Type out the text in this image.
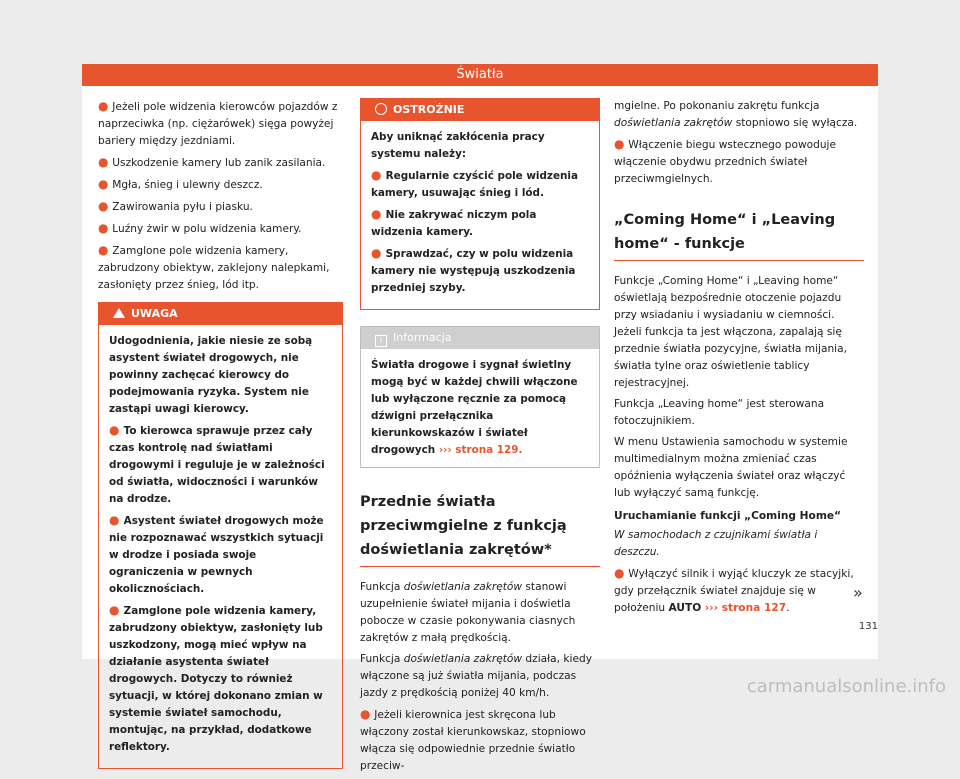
Światła
● Jeżeli pole widzenia kierowców pojazdów z naprzeciwka (np. ciężarówek) sięga powyżej bariery między jezdniami.
● Uszkodzenie kamery lub zanik zasilania.
● Mgła, śnieg i ulewny deszcz.
● Zawirowania pyłu i piasku.
● Luźny żwir w polu widzenia kamery.
● Zamglone pole widzenia kamery, zabrudzony obiektyw, zaklejony nalepkami, zasłonięty przez śnieg, lód itp.
UWAGA
Udogodnienia, jakie niesie ze sobą asystent świateł drogowych, nie powinny zachęcać kierowcy do podejmowania ryzyka. System nie zastąpi uwagi kierowcy.
● To kierowca sprawuje przez cały czas kontrolę nad światłami drogowymi i reguluje je w zależności od światła, widoczności i warunków na drodze.
● Asystent świateł drogowych może nie rozpoznawać wszystkich sytuacji w drodze i posiada swoje ograniczenia w pewnych okolicznościach.
● Zamglone pole widzenia kamery, zabrudzony obiektyw, zasłonięty lub uszkodzony, mogą mieć wpływ na działanie asystenta świateł drogowych. Dotyczy to również sytuacji, w której dokonano zmian w systemie świateł samochodu, montując, na przykład, dodatkowe reflektory.
OSTROŻNIE
Aby uniknąć zakłócenia pracy systemu należy:
● Regularnie czyścić pole widzenia kamery, usuwając śnieg i lód.
● Nie zakrywać niczym pola widzenia kamery.
● Sprawdzać, czy w polu widzenia kamery nie występują uszkodzenia przedniej szyby.
i Informacja
Światła drogowe i sygnał świetlny mogą być w każdej chwili włączone lub wyłączone ręcznie za pomocą dźwigni przełącznika kierunkowskazów i świateł drogowych ››› strona 129.
Przednie światła przeciwmgielne z funkcją doświetlania zakrętów*
Funkcja doświetlania zakrętów stanowi uzupełnienie świateł mijania i doświetla pobocze w czasie pokonywania ciasnych zakrętów z małą prędkością.
Funkcja doświetlania zakrętów działa, kiedy włączone są już światła mijania, podczas jazdy z prędkością poniżej 40 km/h.
● Jeżeli kierownica jest skręcona lub włączony został kierunkowskaz, stopniowo włącza się odpowiednie przednie światło przeciw-
mgielne. Po pokonaniu zakrętu funkcja doświetlania zakrętów stopniowo się wyłącza.
● Włączenie biegu wstecznego powoduje włączenie obydwu przednich świateł przeciwmgielnych.
„Coming Home“ i „Leaving home“ - funkcje
Funkcje „Coming Home“ i „Leaving home“ oświetlają bezpośrednie otoczenie pojazdu przy wsiadaniu i wysiadaniu w ciemności. Jeżeli funkcja ta jest włączona, zapalają się przednie światła pozycyjne, światła mijania, światła tylne oraz oświetlenie tablicy rejestracyjnej.
Funkcja „Leaving home“ jest sterowana fotoczujnikiem.
W menu Ustawienia samochodu w systemie multimedialnym można zmieniać czas opóźnienia wyłączenia świateł oraz włączyć lub wyłączyć samą funkcję.
Uruchamianie funkcji „Coming Home“
W samochodach z czujnikami światła i deszczu.
● Wyłączyć silnik i wyjąć kluczyk ze stacyjki, gdy przełącznik świateł znajduje się w położeniu AUTO ››› strona 127.
»
131
carmanualsonline.info
